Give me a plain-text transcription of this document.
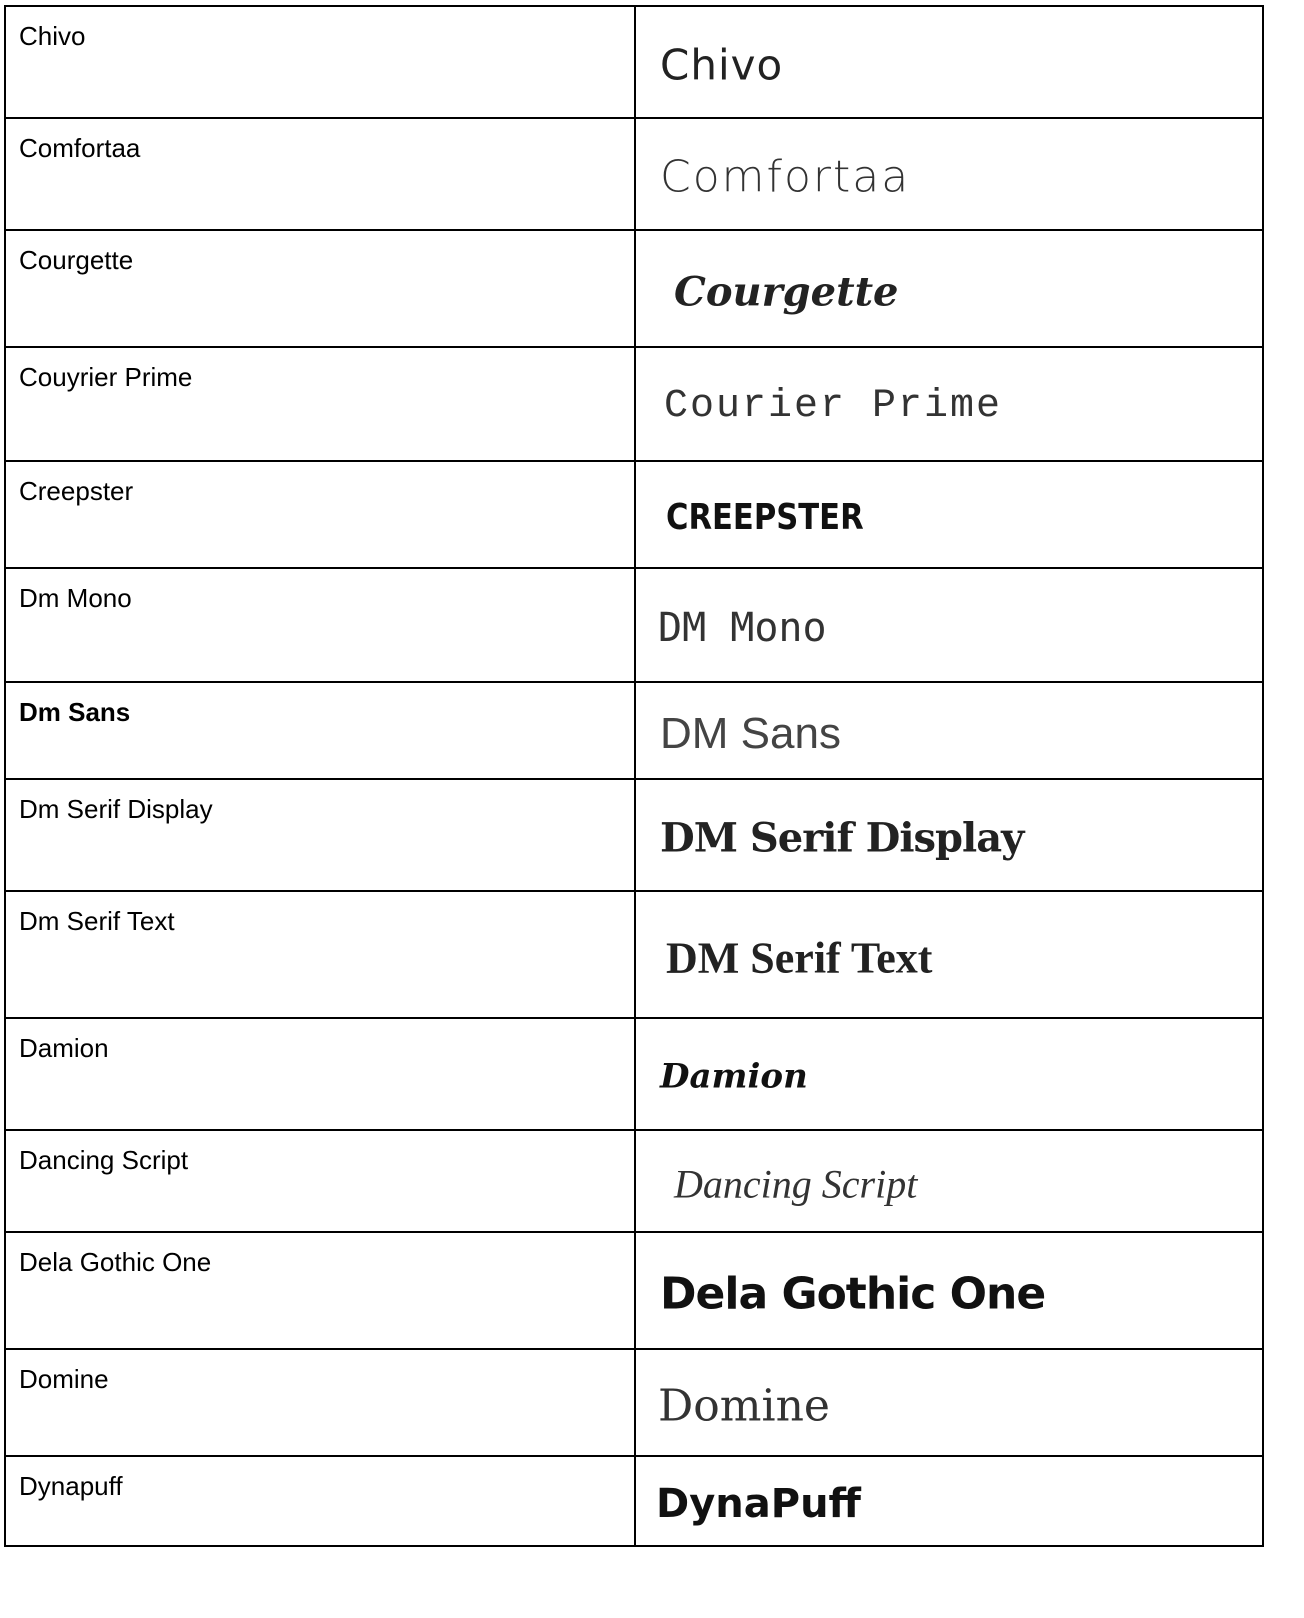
Chivo	Chivo

Comfortaa	Comfortaa

Courgette	Courgette

Couyrier Prime	Courier Prime

Creepster	CREEPSTER

Dm Mono	DM Mono

Dm Sans	DM Sans

Dm Serif Display	DM Serif Display

Dm Serif Text	DM Serif Text

Damion	Damion

Dancing Script	Dancing Script

Dela Gothic One	Dela Gothic One

Domine	Domine

Dynapuff	DynaPuff
